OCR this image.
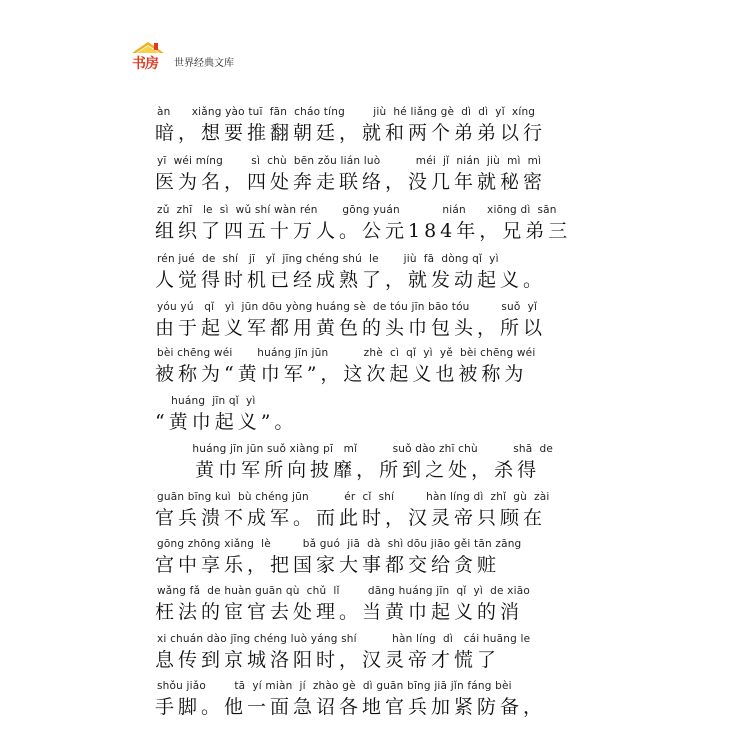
书房 世界经典文库
àn      xiǎng yào tuī  fān  cháo tíng        jiù  hé liǎng gè  dì  dì  yǐ  xíng
暗，想要推翻朝廷，就和两个弟弟以行
yī  wéi míng        sì  chù  bēn zǒu lián luò          méi  jǐ  nián  jiù  mì  mì
医为名，四处奔走联络，没几年就秘密
zǔ  zhī   le  sì  wǔ shí wàn rén       gōng yuán            nián      xiōng dì  sān
组织了四五十万人。公元184年，兄弟三
rén jué  de  shí   jī   yǐ  jīng chéng shú  le       jiù  fā  dòng qǐ  yì
人觉得时机已经成熟了，就发动起义。
yóu yú   qǐ   yì  jūn dōu yòng huáng sè  de tóu jīn bāo tóu         suǒ  yǐ
由于起义军都用黄色的头巾包头，所以
bèi chēng wéi       huáng jīn jūn          zhè  cì  qǐ  yì  yě  bèi chēng wéi
被称为“黄巾军”，这次起义也被称为
huáng  jīn qǐ  yì
“黄巾起义”。
huáng jīn jūn suǒ xiàng pī   mǐ          suǒ dào zhī chù          shā  de
黄巾军所向披靡，所到之处，杀得
guān bīng kuì  bù chéng jūn          ér  cǐ  shí         hàn líng dì  zhǐ  gù  zài
官兵溃不成军。而此时，汉灵帝只顾在
gōng zhōng xiǎng  lè         bǎ guó  jiā  dà  shì dōu jiāo gěi tān zāng
宫中享乐，把国家大事都交给贪赃
wǎng fǎ  de huàn guān qù  chǔ  lǐ        dāng huáng jīn  qǐ  yì  de xiāo
枉法的宦官去处理。当黄巾起义的消
xi chuán dào jīng chéng luò yáng shí          hàn líng  dì   cái huāng le
息传到京城洛阳时，汉灵帝才慌了
shǒu jiǎo        tā  yí miàn  jí  zhào gè  dì guān bīng jiā jǐn fáng bèi
手脚。他一面急诏各地官兵加紧防备，
